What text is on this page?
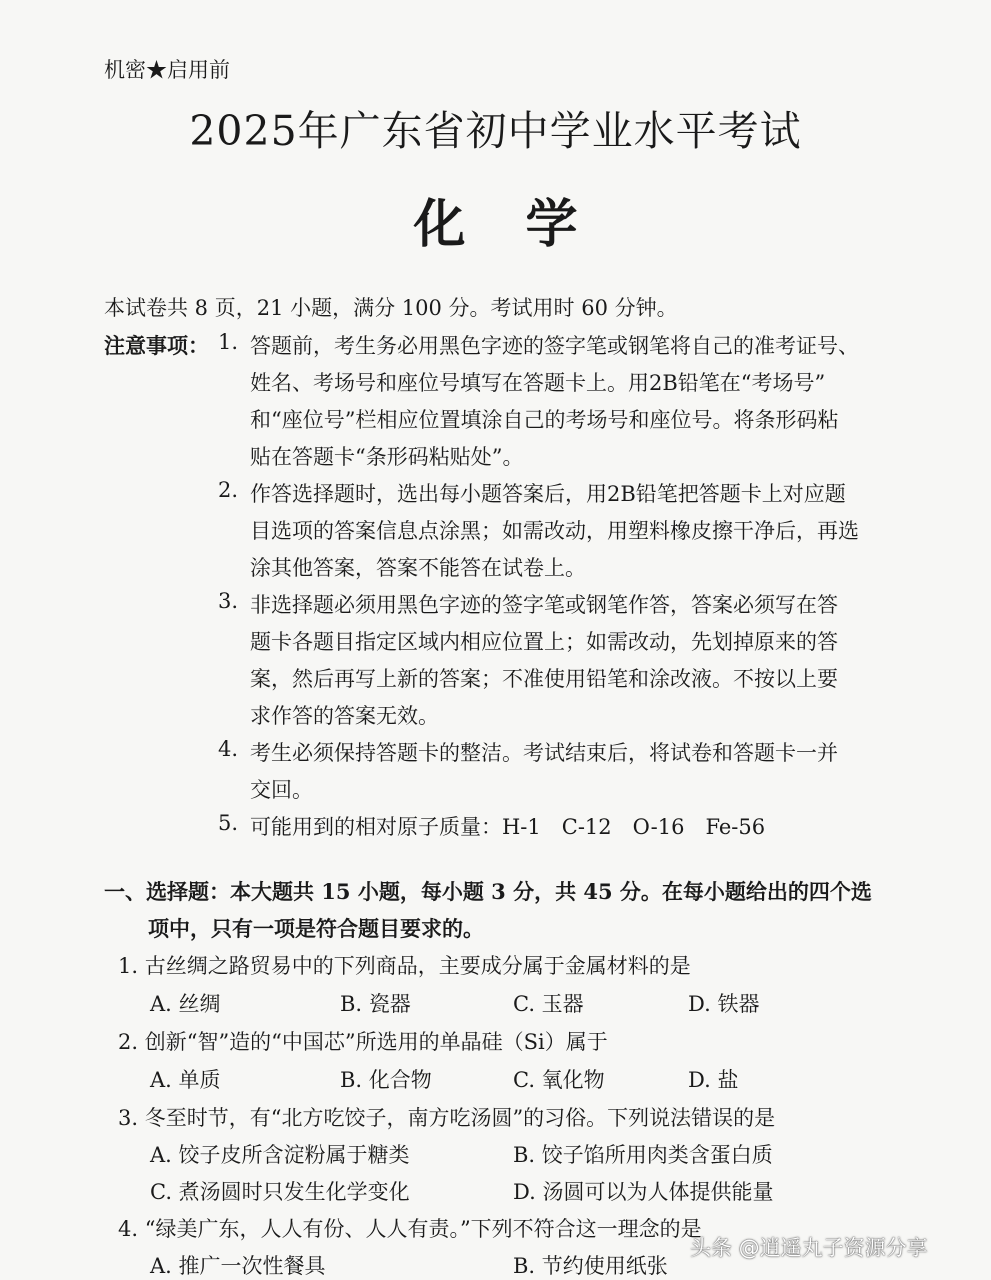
机密★启用前
2025年广东省初中学业水平考试
化学
本试卷共 8 页，21 小题，满分 100 分。考试用时 60 分钟。
注意事项： 1. 答题前，考生务必用黑色字迹的签字笔或钢笔将自己的准考证号、
姓名、考场号和座位号填写在答题卡上。用2B铅笔在“考场号”
和“座位号”栏相应位置填涂自己的考场号和座位号。将条形码粘
贴在答题卡“条形码粘贴处”。
2. 作答选择题时，选出每小题答案后，用2B铅笔把答题卡上对应题
目选项的答案信息点涂黑；如需改动，用塑料橡皮擦干净后，再选
涂其他答案，答案不能答在试卷上。
3. 非选择题必须用黑色字迹的签字笔或钢笔作答，答案必须写在答
题卡各题目指定区域内相应位置上；如需改动，先划掉原来的答
案，然后再写上新的答案；不准使用铅笔和涂改液。不按以上要
求作答的答案无效。
4. 考生必须保持答题卡的整洁。考试结束后，将试卷和答题卡一并
交回。
5. 可能用到的相对原子质量：H-1　C-12　O-16　Fe-56
一、选择题：本大题共 15 小题，每小题 3 分，共 45 分。在每小题给出的四个选
项中，只有一项是符合题目要求的。
1. 古丝绸之路贸易中的下列商品，主要成分属于金属材料的是
A. 丝绸	B. 瓷器	C. 玉器	D. 铁器
2. 创新“智”造的“中国芯”所选用的单晶硅（Si）属于
A. 单质	B. 化合物	C. 氧化物	D. 盐
3. 冬至时节，有“北方吃饺子，南方吃汤圆”的习俗。下列说法错误的是
A. 饺子皮所含淀粉属于糖类	B. 饺子馅所用肉类含蛋白质
C. 煮汤圆时只发生化学变化	D. 汤圆可以为人体提供能量
4. “绿美广东，人人有份、人人有责。”下列不符合这一理念的是
A. 推广一次性餐具	B. 节约使用纸张
头条 @逍遥丸子资源分享
